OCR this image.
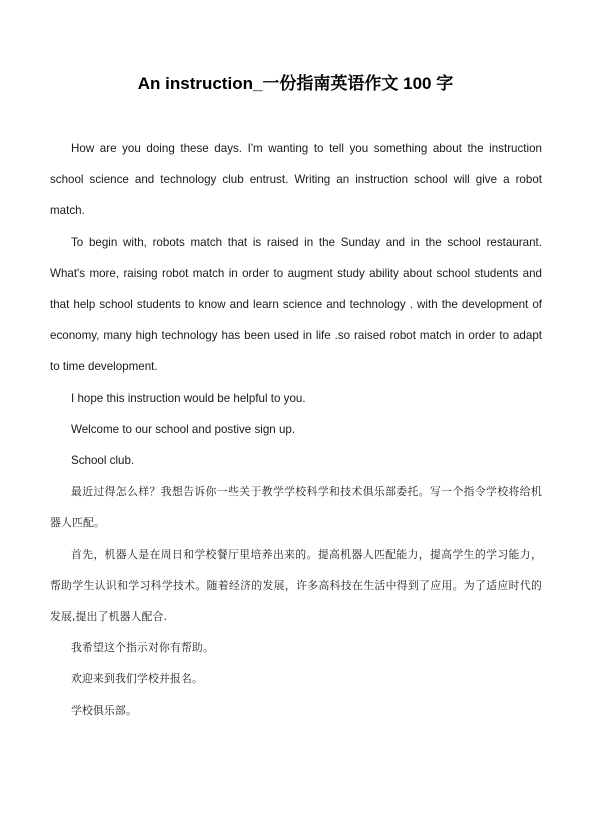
An instruction_一份指南英语作文 100 字

How are you doing these days. I'm wanting to tell you something about the instruction school science and technology club entrust. Writing an instruction school will give a robot match.

To begin with, robots match that is raised in the Sunday and in the school restaurant. What's more, raising robot match in order to augment study ability about school students and that help school students to know and learn science and technology . with the development of economy, many high technology has been used in life .so raised robot match in order to adapt to time development.

I hope this instruction would be helpful to you.

Welcome to our school and postive sign up.

School club.

最近过得怎么样？我想告诉你一些关于教学学校科学和技术俱乐部委托。写一个指令学校将给机器人匹配。

首先，机器人是在周日和学校餐厅里培养出来的。提高机器人匹配能力，提高学生的学习能力，帮助学生认识和学习科学技术。随着经济的发展，许多高科技在生活中得到了应用。为了适应时代的发展,提出了机器人配合.

我希望这个指示对你有帮助。

欢迎来到我们学校并报名。

学校俱乐部。
